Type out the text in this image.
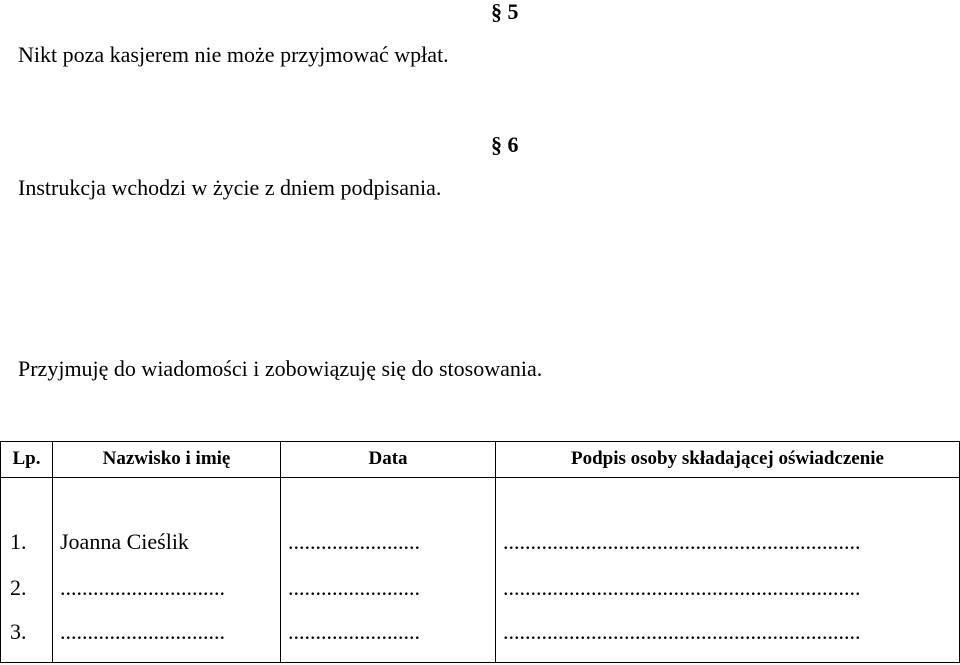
§ 5
Nikt poza kasjerem nie może przyjmować wpłat.
§ 6
Instrukcja wchodzi w życie z dniem podpisania.
Przyjmuję do wiadomości i zobowiązuję się do stosowania.
Lp.	Nazwisko i imię	Data	Podpis osoby składającej oświadczenie
1. Joanna Cieślik	........................	.................................................................
2. ..............................	........................	.................................................................
3. ..............................	........................	.................................................................
